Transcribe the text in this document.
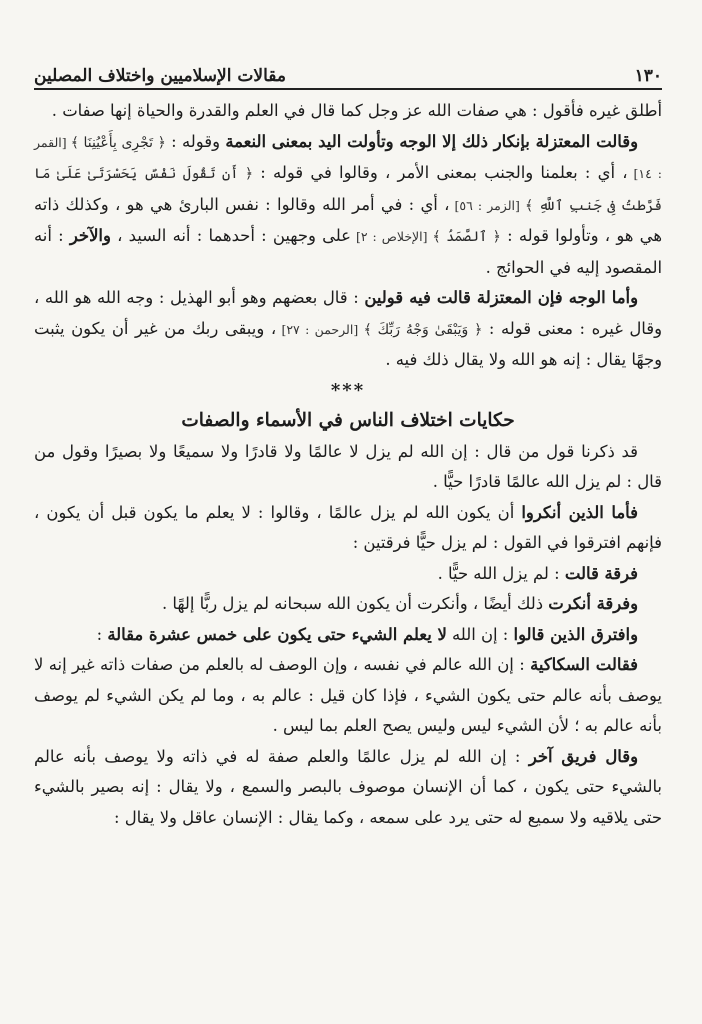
١٣٠
مقالات الإسلاميين واختلاف المصلين

أطلق غيره فأقول : هي صفات الله عز وجل كما قال في العلم والقدرة والحياة إنها صفات .

وقالت المعتزلة بإنكار ذلك إلا الوجه وتأولت اليد بمعنى النعمة وقوله : ﴿ تَجْرِى بِأَعْيُنِنَا ﴾ [القمر : ١٤] ، أي : بعلمنا والجنب بمعنى الأمر ، وقالوا في قوله : ﴿ أَن تَقُولَ نَفْسٌ يَحَسْرَتَىٰ عَلَىٰ مَا فَرَّطتُ فِى جَنبِ ٱللَّهِ ﴾ [الزمر : ٥٦] ، أي : في أمر الله وقالوا : نفس البارئ هي هو ، وكذلك ذاته هي هو ، وتأولوا قوله : ﴿ ٱلصَّمَدُ ﴾ [الإخلاص : ٢] على وجهين : أحدهما : أنه السيد ، والآخر : أنه المقصود إليه في الحوائج .

وأما الوجه فإن المعتزلة قالت فيه قولين : قال بعضهم وهو أبو الهذيل : وجه الله هو الله ، وقال غيره : معنى قوله : ﴿ وَيَبْقَىٰ وَجْهُ رَبِّكَ ﴾ [الرحمن : ٢٧] ، ويبقى ربك من غير أن يكون يثبت وجهًا يقال : إنه هو الله ولا يقال ذلك فيه .

***

حكايات اختلاف الناس في الأسماء والصفات

قد ذكرنا قول من قال : إن الله لم يزل لا عالمًا ولا قادرًا ولا سميعًا ولا بصيرًا وقول من قال : لم يزل الله عالمًا قادرًا حيًّا .

فأما الذين أنكروا أن يكون الله لم يزل عالمًا ، وقالوا : لا يعلم ما يكون قبل أن يكون ، فإنهم افترقوا في القول : لم يزل حيًّا فرقتين :

فرقة قالت : لم يزل الله حيًّا .

وفرقة أنكرت ذلك أيضًا ، وأنكرت أن يكون الله سبحانه لم يزل ربًّا إلهًا .

وافترق الذين قالوا : إن الله لا يعلم الشيء حتى يكون على خمس عشرة مقالة :

فقالت السكاكية : إن الله عالم في نفسه ، وإن الوصف له بالعلم من صفات ذاته غير إنه لا يوصف بأنه عالم حتى يكون الشيء ، فإذا كان قيل : عالم به ، وما لم يكن الشيء لم يوصف بأنه عالم به ؛ لأن الشيء ليس وليس يصح العلم بما ليس .

وقال فريق آخر : إن الله لم يزل عالمًا والعلم صفة له في ذاته ولا يوصف بأنه عالم بالشيء حتى يكون ، كما أن الإنسان موصوف بالبصر والسمع ، ولا يقال : إنه بصير بالشيء حتى يلاقيه ولا سميع له حتى يرد على سمعه ، وكما يقال : الإنسان عاقل ولا يقال :
